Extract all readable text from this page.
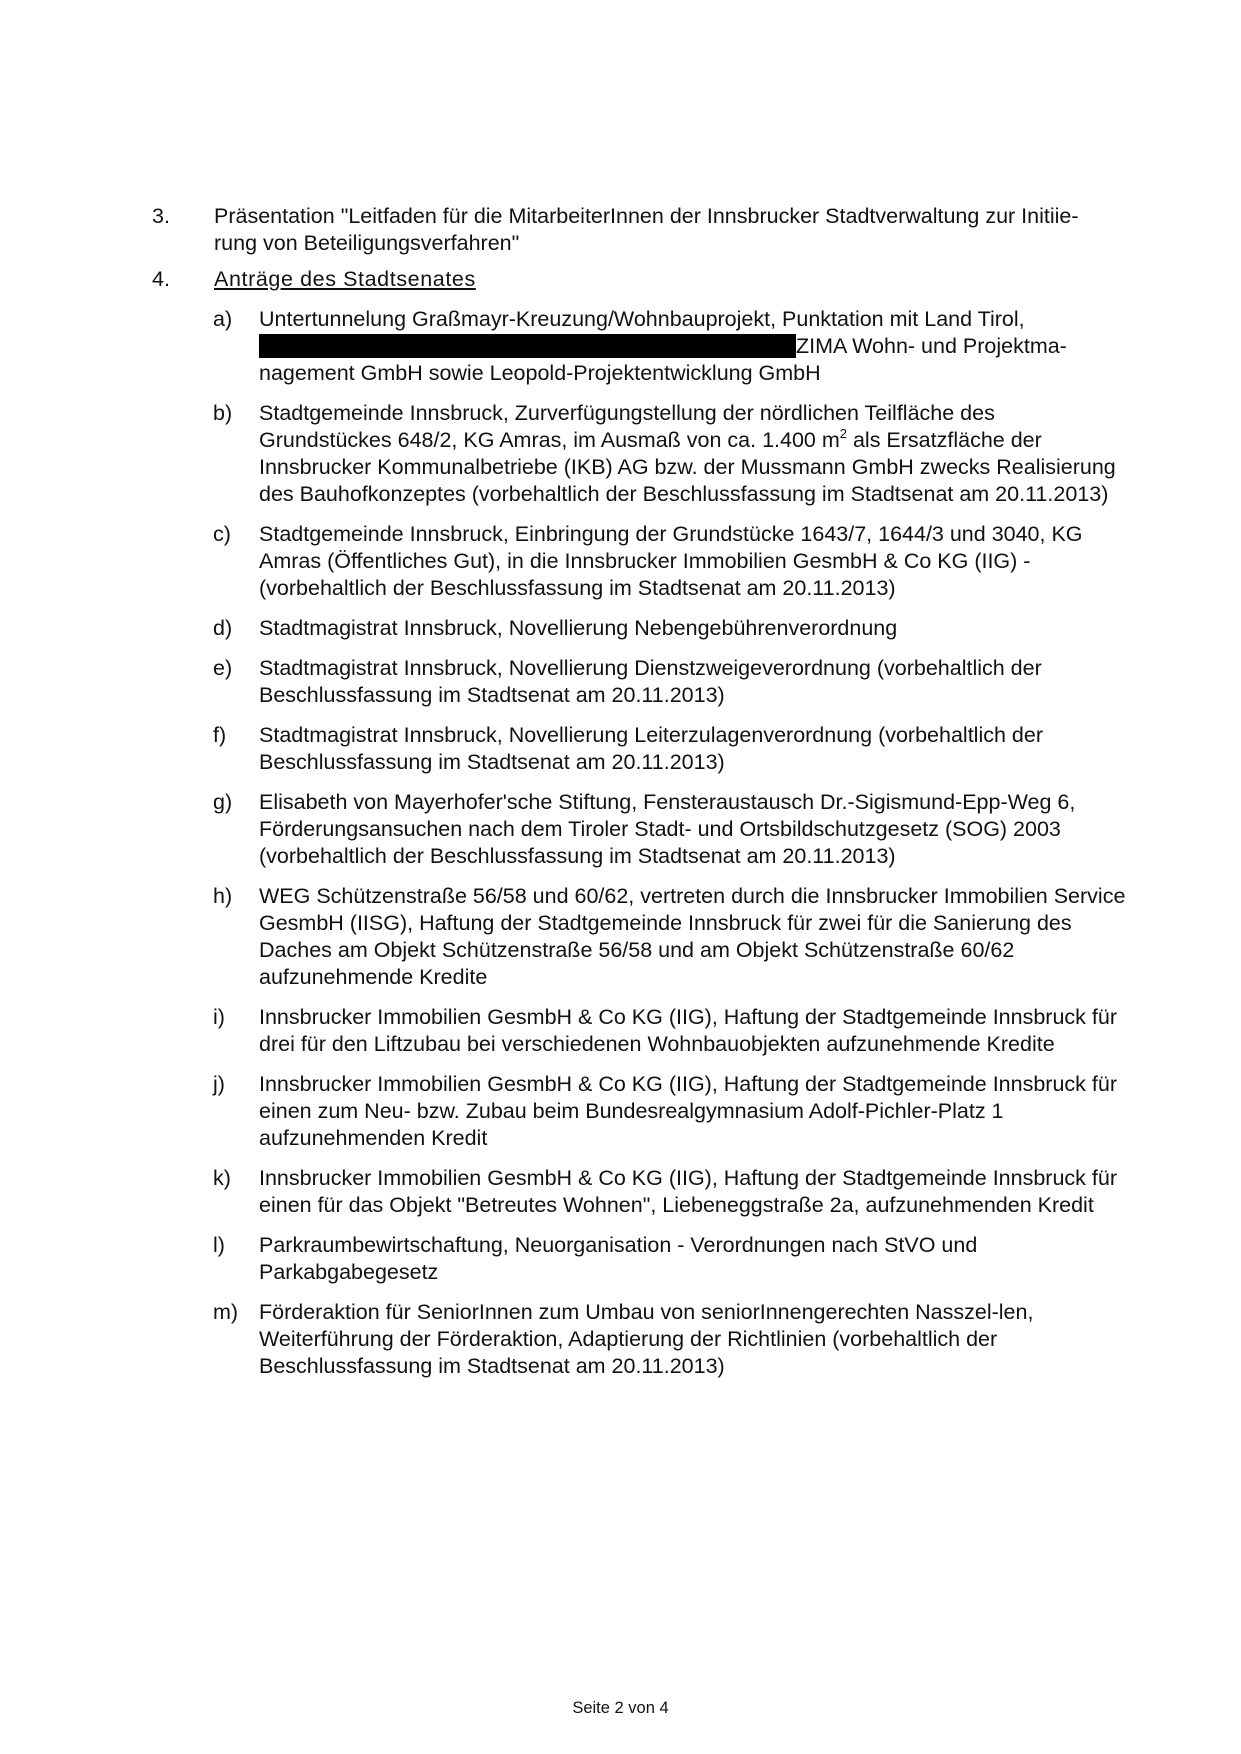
3. Präsentation "Leitfaden für die MitarbeiterInnen der Innsbrucker Stadtverwaltung zur Initiie-
rung von Beteiligungsverfahren"
4. Anträge des Stadtsenates
a)	Untertunnelung Graßmayr-Kreuzung/Wohnbauprojekt, Punktation mit Land Tirol,
ZIMA Wohn- und Projektma-
nagement GmbH sowie Leopold-Projektentwicklung GmbH
b)	Stadtgemeinde Innsbruck, Zurverfügungstellung der nördlichen Teilfläche des Grundstückes 648/2, KG Amras, im Ausmaß von ca. 1.400 $m^2$ als Ersatzfläche der Innsbrucker Kommunalbetriebe (IKB) AG bzw. der Mussmann GmbH zwecks Realisierung des Bauhofkonzeptes (vorbehaltlich der Beschlussfassung im Stadtsenat am 20.11.2013)
c)	Stadtgemeinde Innsbruck, Einbringung der Grundstücke 1643/7, 1644/3 und 3040, KG Amras (Öffentliches Gut), in die Innsbrucker Immobilien GesmbH & Co KG (IIG) - (vorbehaltlich der Beschlussfassung im Stadtsenat am 20.11.2013)
d)	Stadtmagistrat Innsbruck, Novellierung Nebengebührenverordnung
e)	Stadtmagistrat Innsbruck, Novellierung Dienstzweigeverordnung (vorbehaltlich der Beschlussfassung im Stadtsenat am 20.11.2013)
f)	Stadtmagistrat Innsbruck, Novellierung Leiterzulagenverordnung (vorbehaltlich der Beschlussfassung im Stadtsenat am 20.11.2013)
g)	Elisabeth von Mayerhofer'sche Stiftung, Fensteraustausch Dr.-Sigismund-Epp-Weg 6, Förderungsansuchen nach dem Tiroler Stadt- und Ortsbildschutzgesetz (SOG) 2003 (vorbehaltlich der Beschlussfassung im Stadtsenat am 20.11.2013)
h)	WEG Schützenstraße 56/58 und 60/62, vertreten durch die Innsbrucker Immobilien Service GesmbH (IISG), Haftung der Stadtgemeinde Innsbruck für zwei für die Sanierung des Daches am Objekt Schützenstraße 56/58 und am Objekt Schützenstraße 60/62 aufzunehmende Kredite
i)	Innsbrucker Immobilien GesmbH & Co KG (IIG), Haftung der Stadtgemeinde Innsbruck für drei für den Liftzubau bei verschiedenen Wohnbauobjekten aufzunehmende Kredite
j)	Innsbrucker Immobilien GesmbH & Co KG (IIG), Haftung der Stadtgemeinde Innsbruck für einen zum Neu- bzw. Zubau beim Bundesrealgymnasium Adolf-Pichler-Platz 1 aufzunehmenden Kredit
k)	Innsbrucker Immobilien GesmbH & Co KG (IIG), Haftung der Stadtgemeinde Innsbruck für einen für das Objekt "Betreutes Wohnen", Liebeneggstraße 2a, aufzunehmenden Kredit
l)	Parkraumbewirtschaftung, Neuorganisation - Verordnungen nach StVO und Parkabgabegesetz
m) Förderaktion für SeniorInnen zum Umbau von seniorInnengerechten Nasszel-len, Weiterführung der Förderaktion, Adaptierung der Richtlinien (vorbehaltlich der Beschlussfassung im Stadtsenat am 20.11.2013)
Seite 2 von 4
